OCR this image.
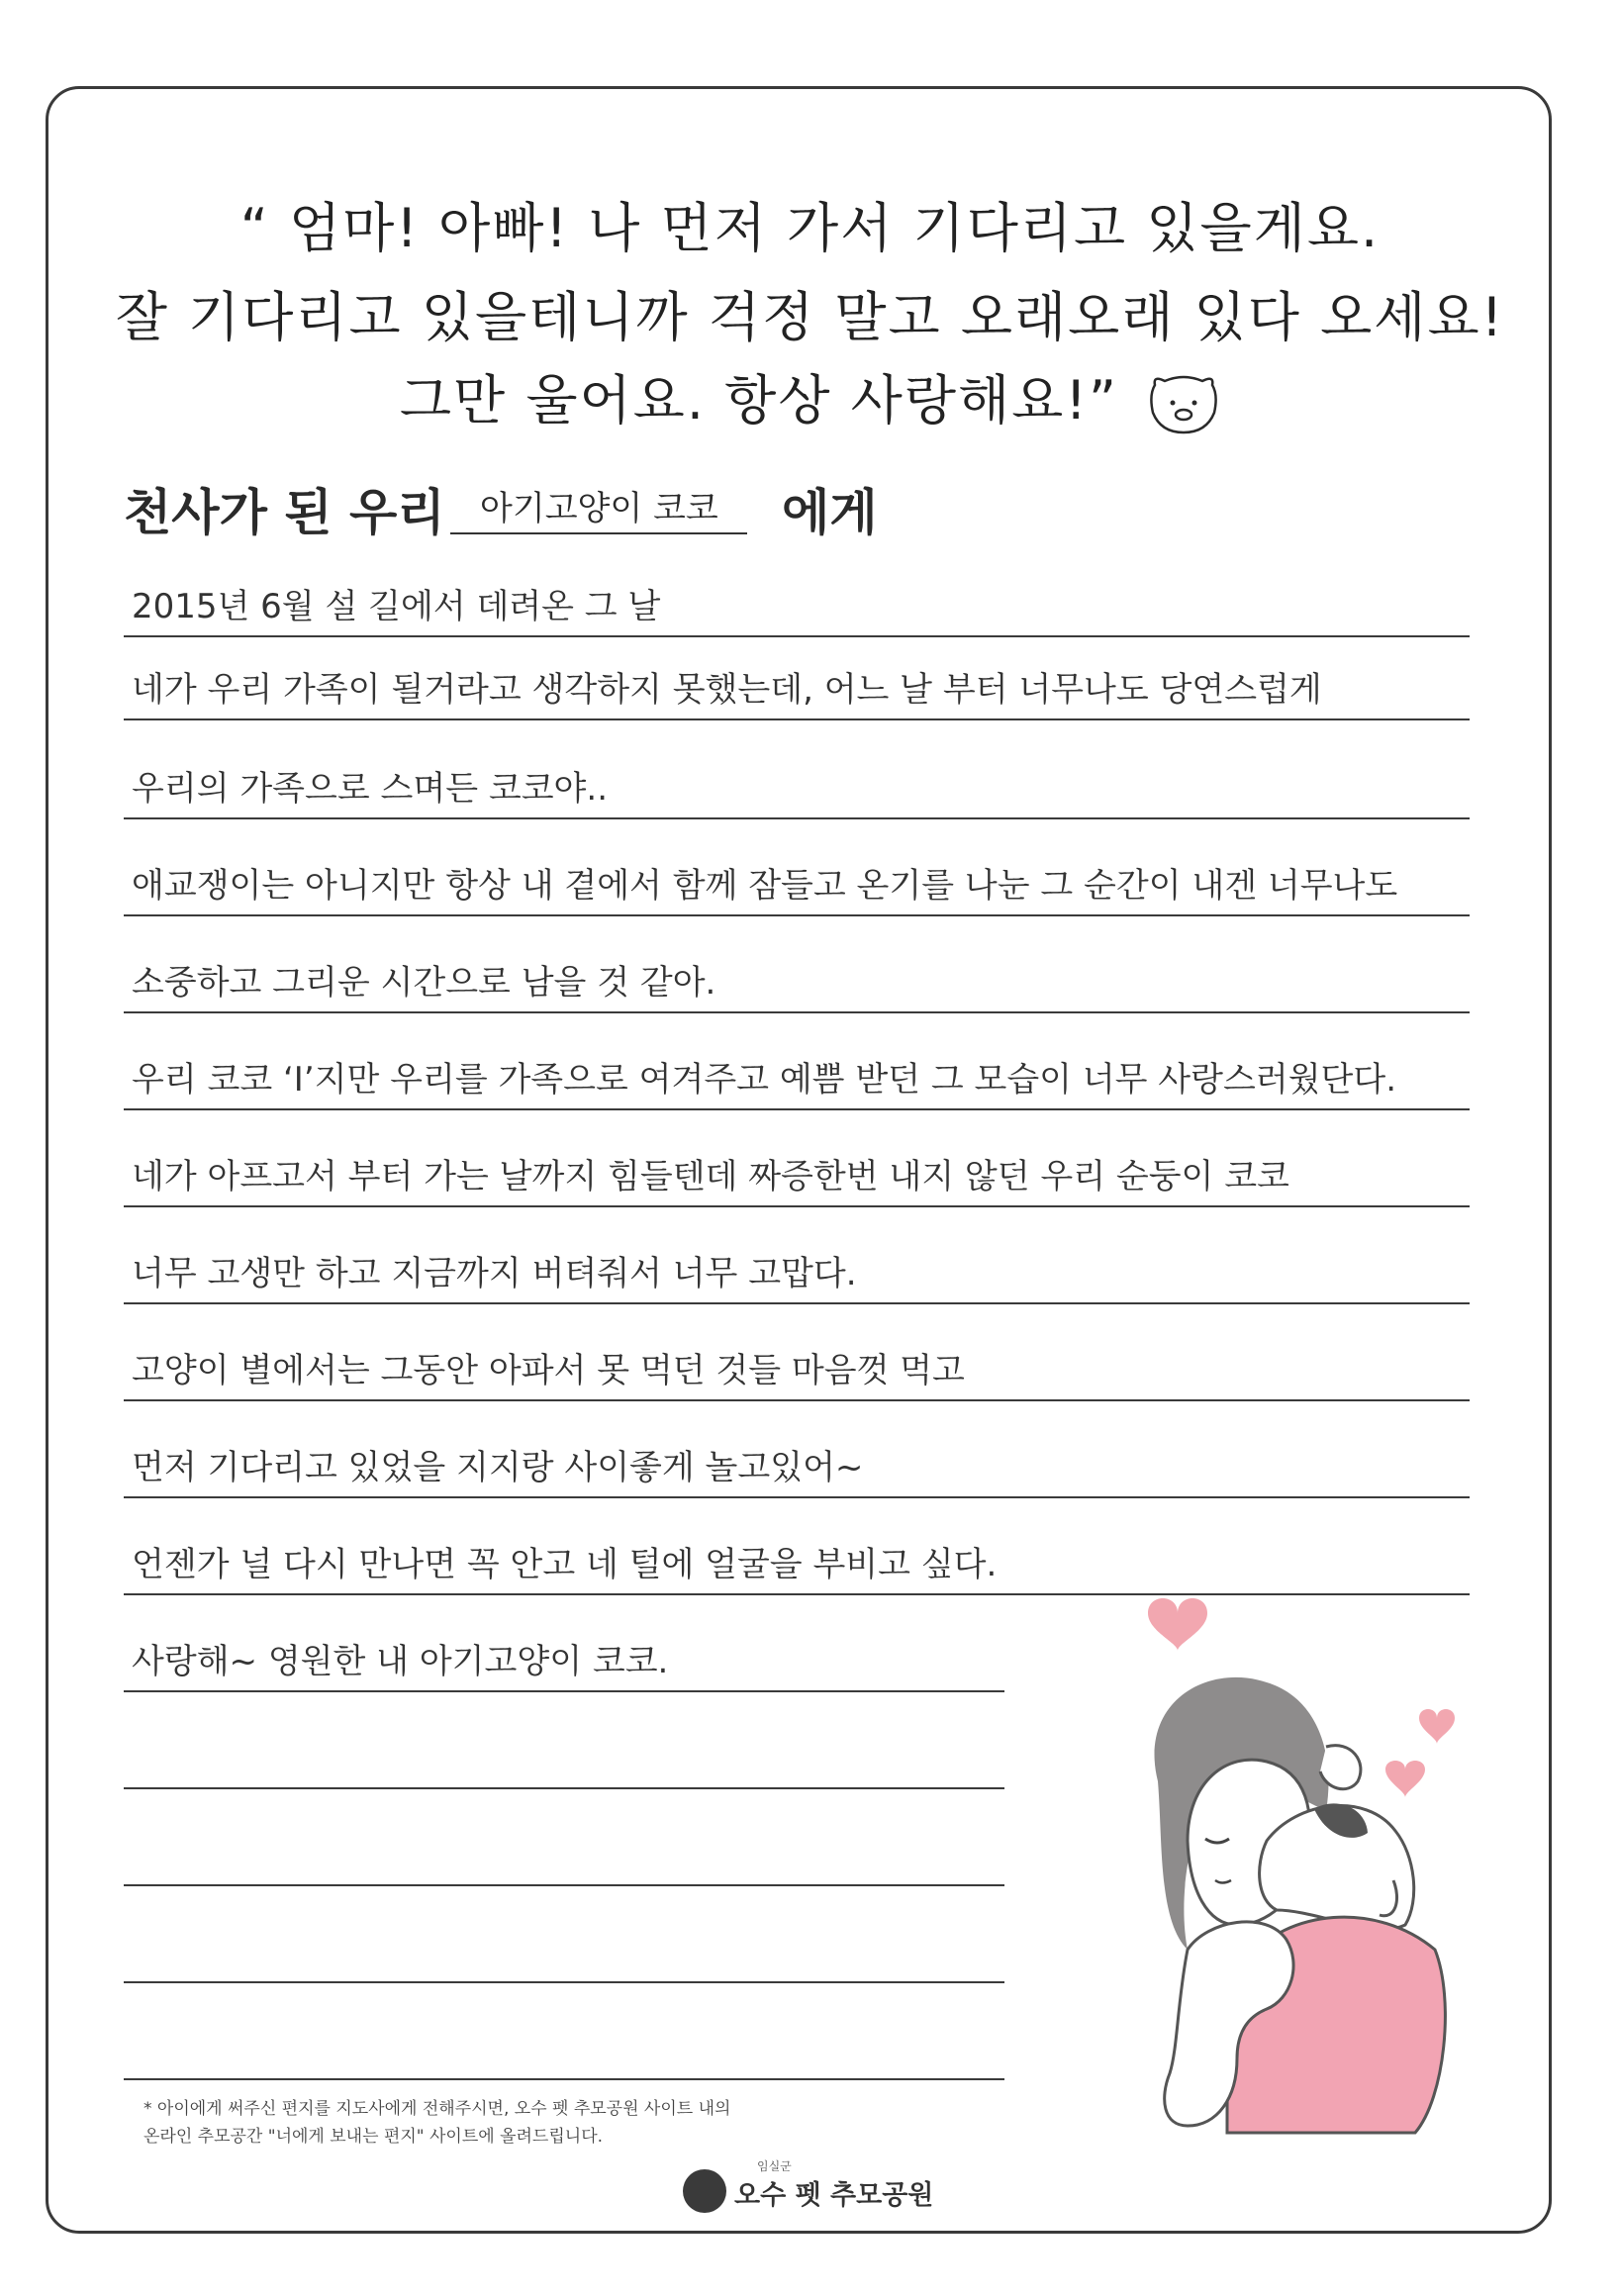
“ 엄마! 아빠! 나 먼저 가서 기다리고 있을게요.
잘 기다리고 있을테니까 걱정 말고 오래오래 있다 오세요!
그만 울어요. 항상 사랑해요!”
천사가 된 우리 아기고양이 코코 에게
2015년 6월 설 길에서 데려온 그 날
네가 우리 가족이 될거라고 생각하지 못했는데, 어느 날 부터 너무나도 당연스럽게
우리의 가족으로 스며든 코코야..
애교쟁이는 아니지만 항상 내 곁에서 함께 잠들고 온기를 나눈 그 순간이 내겐 너무나도
소중하고 그리운 시간으로 남을 것 같아.
우리 코코 ‘I’지만 우리를 가족으로 여겨주고 예쁨 받던 그 모습이 너무 사랑스러웠단다.
네가 아프고서 부터 가는 날까지 힘들텐데 짜증한번 내지 않던 우리 순둥이 코코
너무 고생만 하고 지금까지 버텨줘서 너무 고맙다.
고양이 별에서는 그동안 아파서 못 먹던 것들 마음껏 먹고
먼저 기다리고 있었을 지지랑 사이좋게 놀고있어~
언젠가 널 다시 만나면 꼭 안고 네 털에 얼굴을 부비고 싶다.
사랑해~ 영원한 내 아기고양이 코코.
* 아이에게 써주신 편지를 지도사에게 전해주시면, 오수 펫 추모공원 사이트 내의
온라인 추모공간 "너에게 보내는 편지" 사이트에 올려드립니다.
임실군
오수 펫 추모공원
